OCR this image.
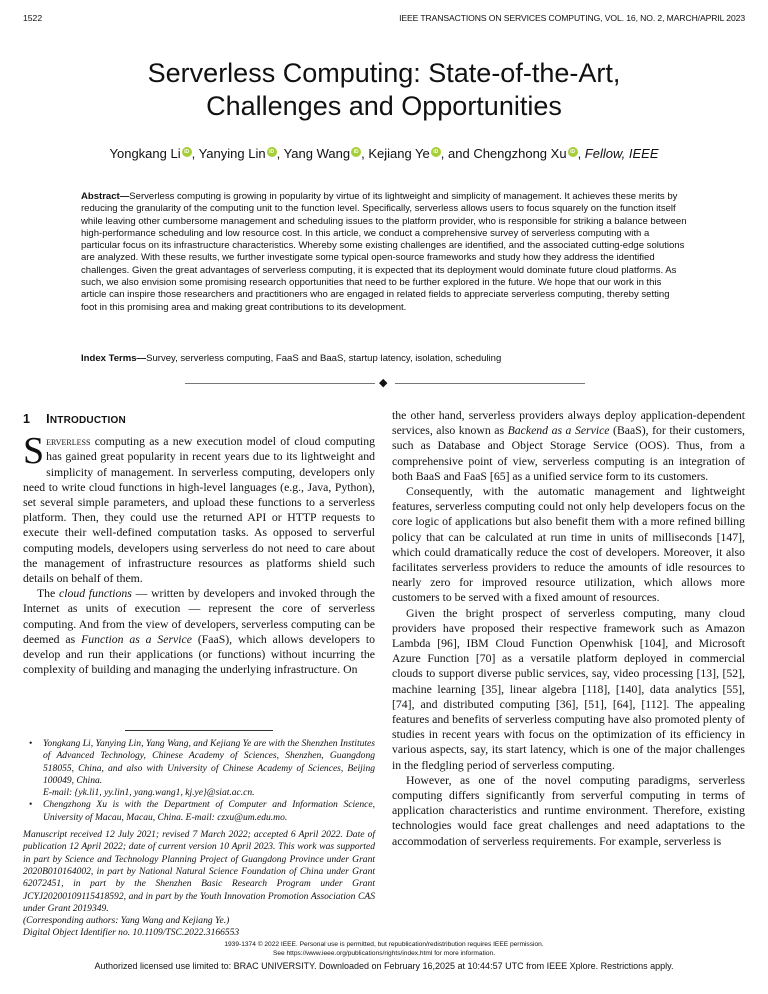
1522	IEEE TRANSACTIONS ON SERVICES COMPUTING, VOL. 16, NO. 2, MARCH/APRIL 2023
Serverless Computing: State-of-the-Art,
Challenges and Opportunities
Yongkang Li iD , Yanying Lin iD , Yang Wang iD , Kejiang Ye iD , and Chengzhong Xu iD , Fellow, IEEE
Abstract—Serverless computing is growing in popularity by virtue of its lightweight and simplicity of management. It achieves these merits by reducing the granularity of the computing unit to the function level. Specifically, serverless allows users to focus squarely on the function itself while leaving other cumbersome management and scheduling issues to the platform provider, who is responsible for striking a balance between high-performance scheduling and low resource cost. In this article, we conduct a comprehensive survey of serverless computing with a particular focus on its infrastructure characteristics. Whereby some existing challenges are identified, and the associated cutting-edge solutions are analyzed. With these results, we further investigate some typical open-source frameworks and study how they address the identified challenges. Given the great advantages of serverless computing, it is expected that its deployment would dominate future cloud platforms. As such, we also envision some promising research opportunities that need to be further explored in the future. We hope that our work in this article can inspire those researchers and practitioners who are engaged in related fields to appreciate serverless computing, thereby setting foot in this promising area and making great contributions to its development.
Index Terms—Survey, serverless computing, FaaS and BaaS, startup latency, isolation, scheduling
◆
1 INTRODUCTION

Serverless computing as a new execution model of cloud computing has gained great popularity in recent years due to its lightweight and simplicity of management. In serverless computing, developers only need to write cloud functions in high-level languages (e.g., Java, Python), set several simple parameters, and upload these functions to a serverless platform. Then, they could use the returned API or HTTP requests to execute their well-defined computation tasks. As opposed to serverful computing models, developers using serverless do not need to care about the management of infrastructure resources as platforms shield such details on behalf of them.

The cloud functions — written by developers and invoked through the Internet as units of execution — represent the core of serverless computing. And from the view of developers, serverless computing can be deemed as Function as a Service (FaaS), which allows developers to develop and run their applications (or functions) without incurring the complexity of building and managing the underlying infrastructure. On

• Yongkang Li, Yanying Lin, Yang Wang, and Kejiang Ye are with the Shenzhen Institutes of Advanced Technology, Chinese Academy of Sciences, Shenzhen, Guangdong 518055, China, and also with University of Chinese Academy of Sciences, Beijing 100049, China.
E-mail: {yk.li1, yy.lin1, yang.wang1, kj.ye}@siat.ac.cn.
• Chengzhong Xu is with the Department of Computer and Information Science, University of Macau, Macau, China. E-mail: czxu@um.edu.mo.
Manuscript received 12 July 2021; revised 7 March 2022; accepted 6 April 2022. Date of publication 12 April 2022; date of current version 10 April 2023. This work was supported in part by Science and Technology Planning Project of Guangdong Province under Grant 2020B010164002, in part by National Natural Science Foundation of China under Grant 62072451, in part by the Shenzhen Basic Research Program under Grant JCYJ20200109115418592, and in part by the Youth Innovation Promotion Association CAS under Grant 2019349.
(Corresponding authors: Yang Wang and Kejiang Ye.)
Digital Object Identifier no. 10.1109/TSC.2022.3166553

the other hand, serverless providers always deploy application-dependent services, also known as Backend as a Service (BaaS), for their customers, such as Database and Object Storage Service (OOS). Thus, from a comprehensive point of view, serverless computing is an integration of both BaaS and FaaS [65] as a unified service form to its customers.

Consequently, with the automatic management and lightweight features, serverless computing could not only help developers focus on the core logic of applications but also benefit them with a more refined billing policy that can be calculated at run time in units of milliseconds [147], which could dramatically reduce the cost of developers. Moreover, it also facilitates serverless providers to reduce the amounts of idle resources to nearly zero for improved resource utilization, which allows more customers to be served with a fixed amount of resources.

Given the bright prospect of serverless computing, many cloud providers have proposed their respective framework such as Amazon Lambda [96], IBM Cloud Function Openwhisk [104], and Microsoft Azure Function [70] as a versatile platform deployed in commercial clouds to support diverse public services, say, video processing [13], [52], machine learning [35], linear algebra [118], [140], data analytics [55], [74], and distributed computing [36], [51], [64], [112]. The appealing features and benefits of serverless computing have also promoted plenty of studies in recent years with focus on the optimization of its efficiency in various aspects, say, its start latency, which is one of the major challenges in the fledgling period of serverless computing.

However, as one of the novel computing paradigms, serverless computing differs significantly from serverful computing in terms of application characteristics and runtime environment. Therefore, existing technologies would face great challenges and need adaptations to the accommodation of serverless requirements. For example, serverless is

1939-1374 © 2022 IEEE. Personal use is permitted, but republication/redistribution requires IEEE permission.
See https://www.ieee.org/publications/rights/index.html for more information.
Authorized licensed use limited to: BRAC UNIVERSITY. Downloaded on February 16,2025 at 10:44:57 UTC from IEEE Xplore. Restrictions apply.
